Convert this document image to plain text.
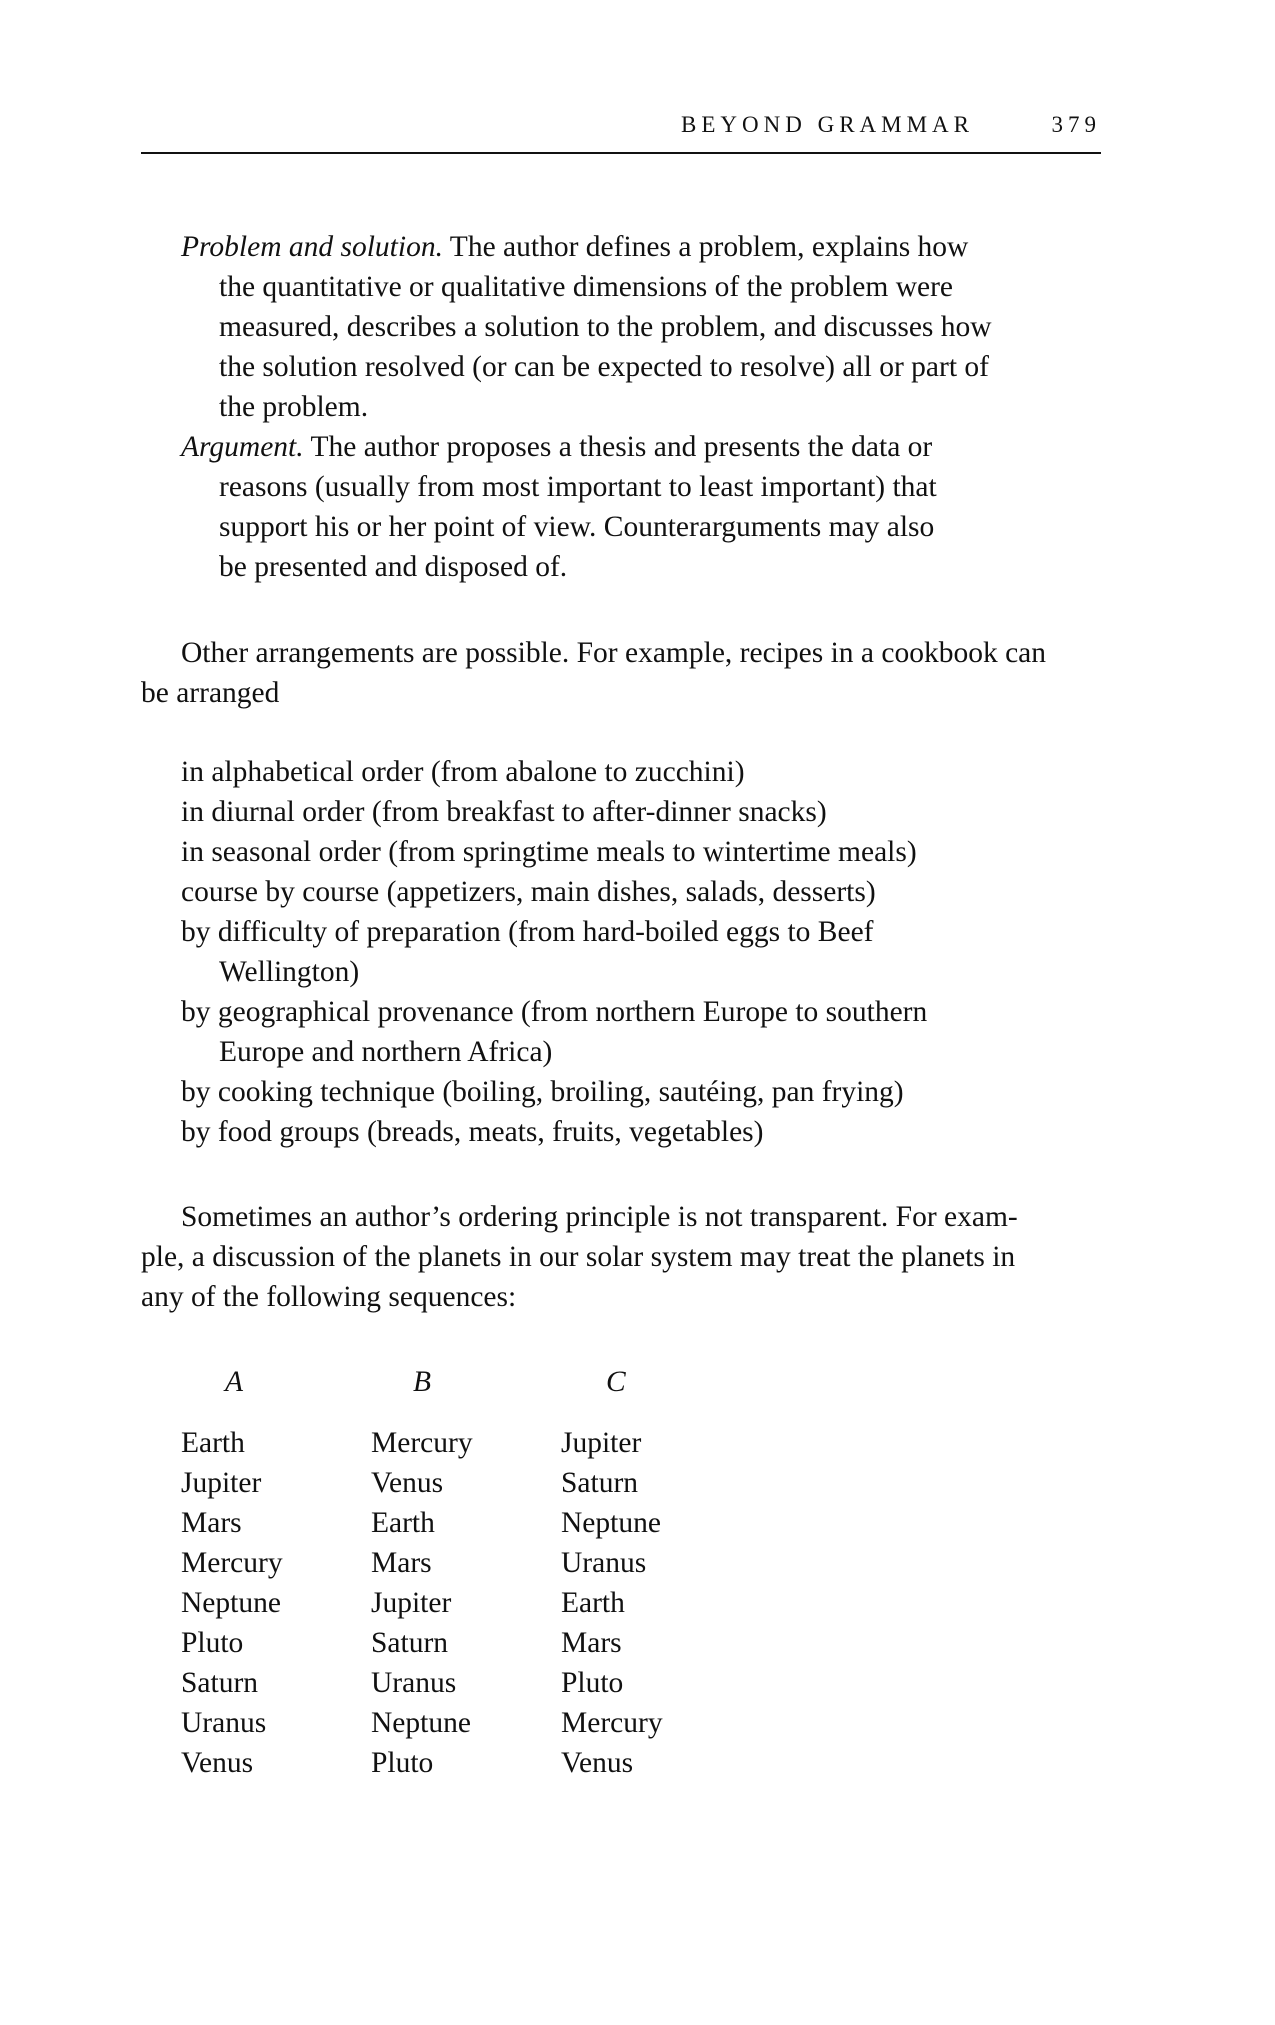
BEYOND GRAMMAR	379
Problem and solution. The author defines a problem, explains how
the quantitative or qualitative dimensions of the problem were
measured, describes a solution to the problem, and discusses how
the solution resolved (or can be expected to resolve) all or part of
the problem.
Argument. The author proposes a thesis and presents the data or
reasons (usually from most important to least important) that
support his or her point of view. Counterarguments may also
be presented and disposed of.
Other arrangements are possible. For example, recipes in a cookbook can
be arranged
in alphabetical order (from abalone to zucchini)
in diurnal order (from breakfast to after-dinner snacks)
in seasonal order (from springtime meals to wintertime meals)
course by course (appetizers, main dishes, salads, desserts)
by difficulty of preparation (from hard-boiled eggs to Beef
Wellington)
by geographical provenance (from northern Europe to southern
Europe and northern Africa)
by cooking technique (boiling, broiling, sautéing, pan frying)
by food groups (breads, meats, fruits, vegetables)
Sometimes an author’s ordering principle is not transparent. For exam-
ple, a discussion of the planets in our solar system may treat the planets in
any of the following sequences:
A
Earth
Jupiter
Mars
Mercury
Neptune
Pluto
Saturn
Uranus
Venus
B
Mercury
Venus
Earth
Mars
Jupiter
Saturn
Uranus
Neptune
Pluto
C
Jupiter
Saturn
Neptune
Uranus
Earth
Mars
Pluto
Mercury
Venus
